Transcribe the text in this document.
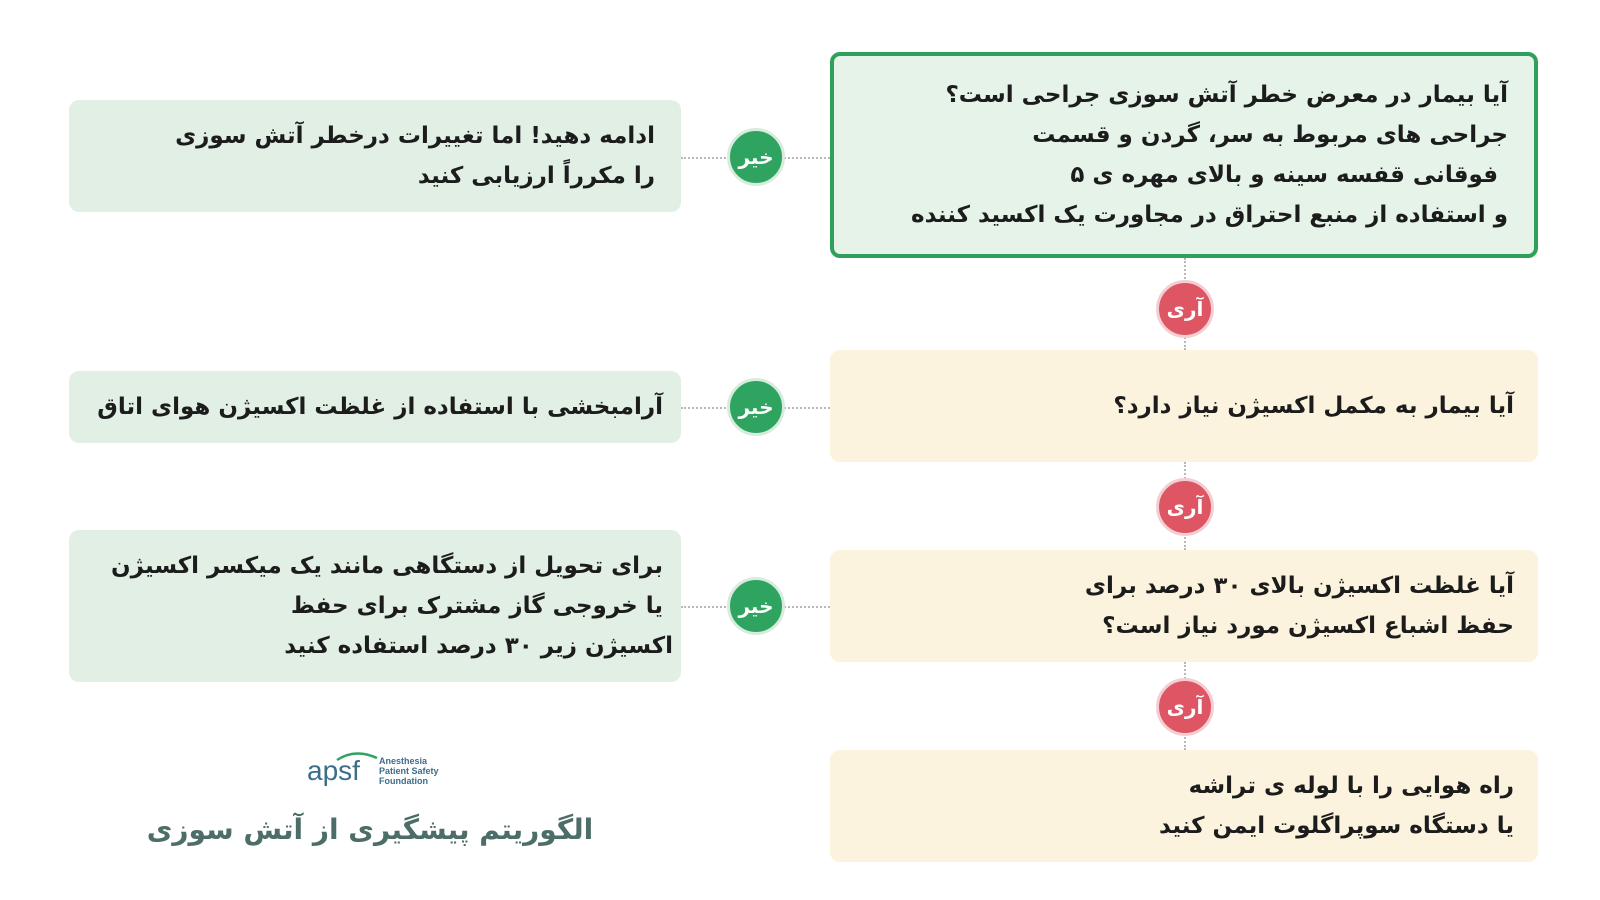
آیا بیمار در معرض خطر آتش سوزی جراحی است؟
جراحی های مربوط به سر، گردن و قسمت
فوقانی قفسه سینه و بالای مهره ی ۵
و استفاده از منبع احتراق در مجاورت یک اکسید کننده
آیا بیمار به مکمل اکسیژن نیاز دارد؟
آیا غلظت اکسیژن بالای ۳۰ درصد برای
حفظ اشباع اکسیژن مورد نیاز است؟
راه هوایی را با لوله ی تراشه
یا دستگاه سوپراگلوت ایمن کنید
ادامه دهید! اما تغییرات درخطر آتش سوزی
را مکرراً ارزیابی کنید
آرامبخشی با استفاده از غلظت اکسیژن هوای اتاق
برای تحویل از دستگاهی مانند یک میکسر اکسیژن
یا خروجی گاز مشترک برای حفظ
اکسیژن زیر ۳۰ درصد استفاده کنید
خیر
خیر
خیر
آری
آری
آری
apsf Anesthesia
Patient Safety
Foundation
الگوریتم پیشگیری از آتش سوزی
